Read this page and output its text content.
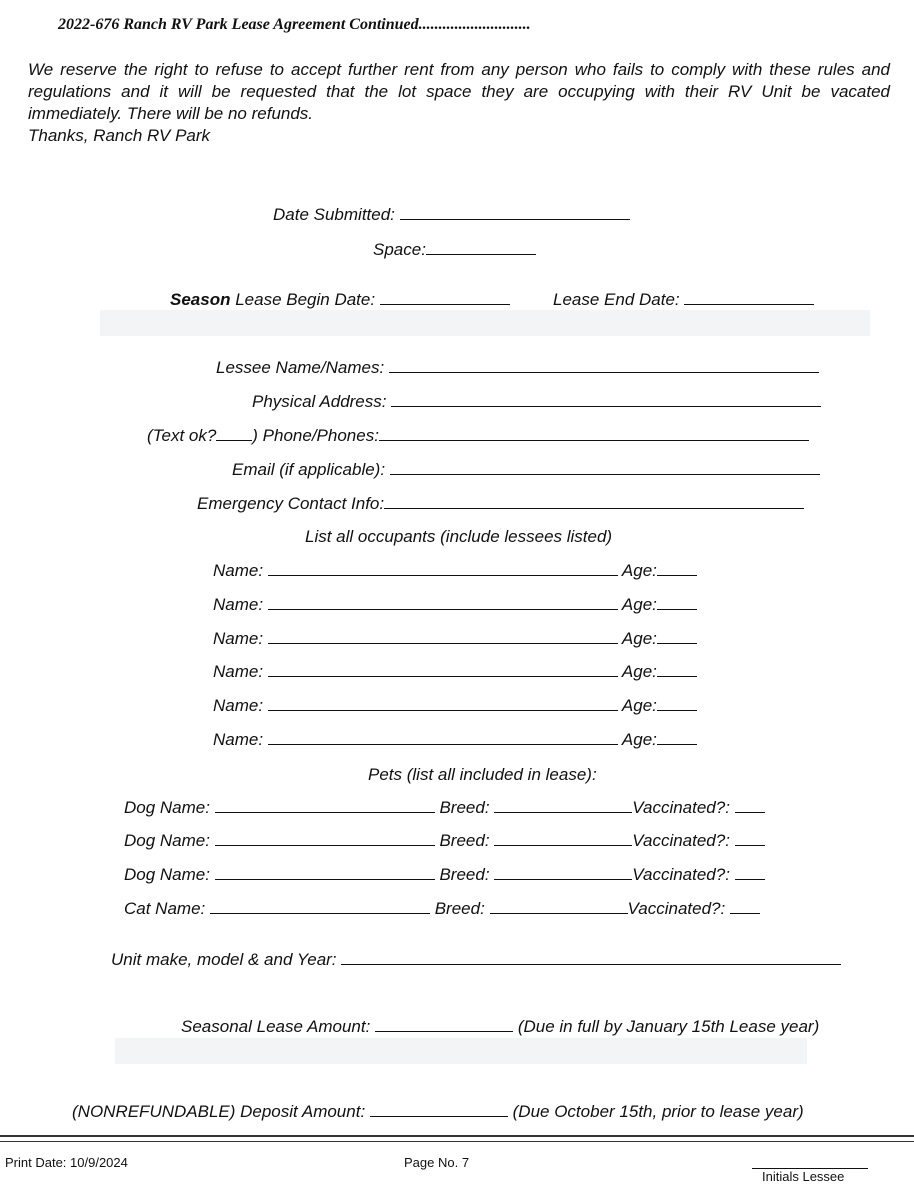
2022-676 Ranch RV Park Lease Agreement Continued............................

We reserve the right to refuse to accept further rent from any person who fails to comply with these rules and regulations and it will be requested that the lot space they are occupying with their RV Unit be vacated immediately. There will be no refunds.

Thanks, Ranch RV Park

Date Submitted:
Space:
Season Lease Begin Date:	Lease End Date:
Lessee Name/Names:
Physical Address:
(Text ok? ) Phone/Phones:
Email (if applicable):
Emergency Contact Info:
List all occupants (include lessees listed)
Name:	Age:
Name:	Age:
Name:	Age:
Name:	Age:
Name:	Age:
Name:	Age:
Pets (list all included in lease):
Dog Name:	Breed:	Vaccinated?:
Dog Name:	Breed:	Vaccinated?:
Dog Name:	Breed:	Vaccinated?:
Cat Name:	Breed:	Vaccinated?:
Unit make, model & and Year:
Seasonal Lease Amount:	(Due in full by January 15th Lease year)
(NONREFUNDABLE) Deposit Amount:	(Due October 15th, prior to lease year)
Print Date: 10/9/2024	Page No. 7
Initials Lessee
